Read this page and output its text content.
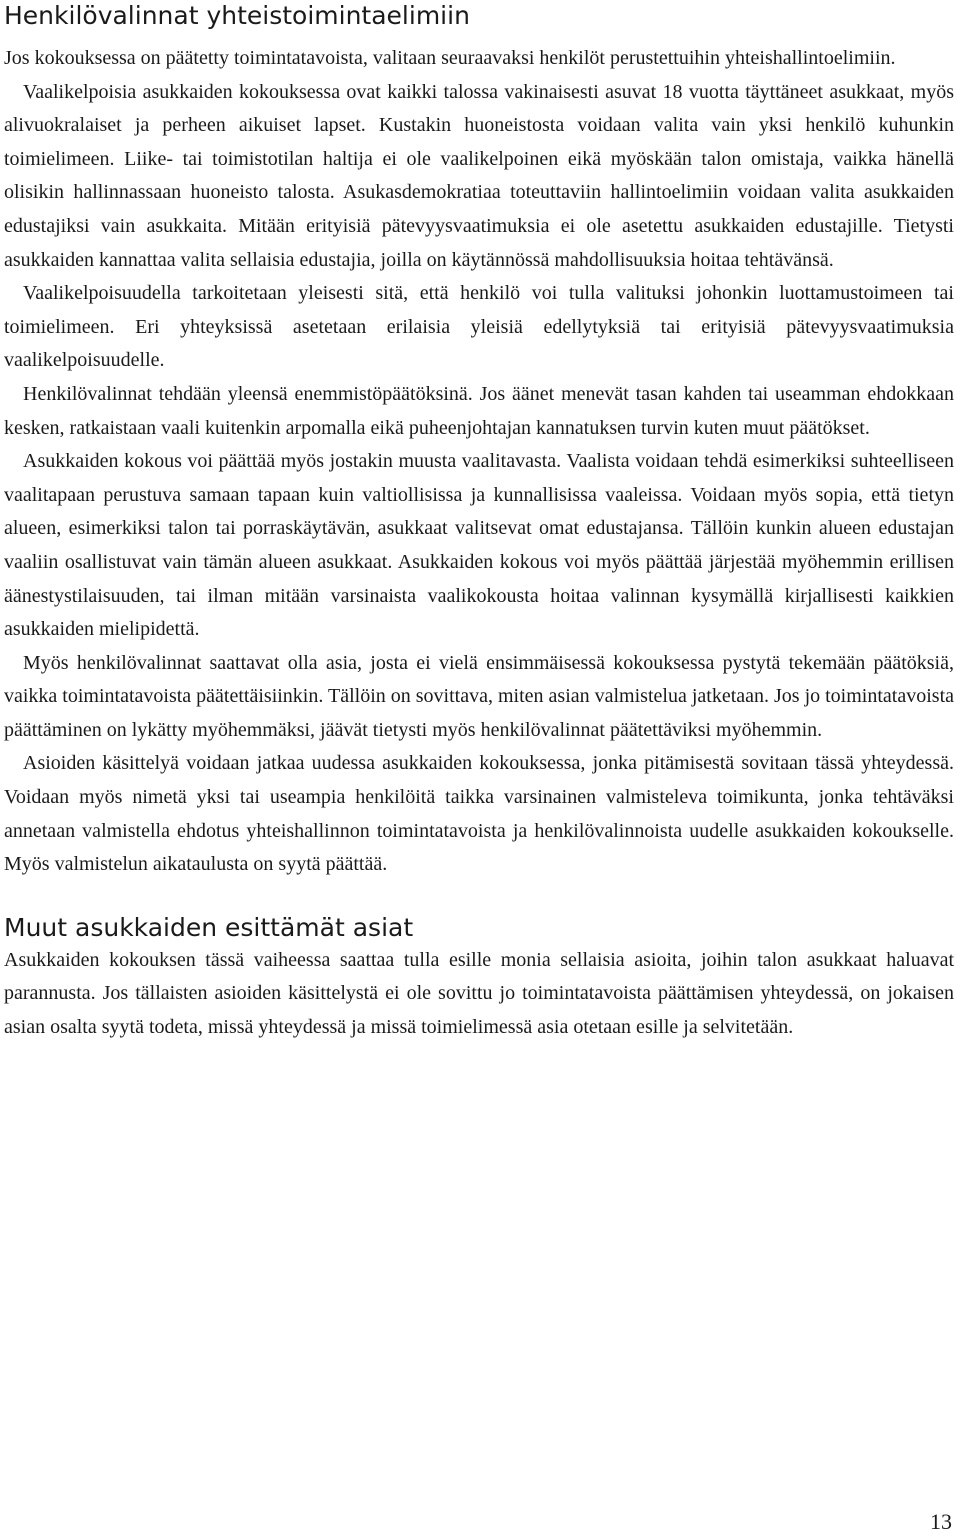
Henkilövalinnat yhteistoimintaelimiin

Jos kokouksessa on päätetty toimintatavoista, valitaan seuraavaksi henkilöt perustettuihin yhteishallintoelimiin.

Vaalikelpoisia asukkaiden kokouksessa ovat kaikki talossa vakinaisesti asuvat 18 vuotta täyttäneet asukkaat, myös alivuokralaiset ja perheen aikuiset lapset. Kustakin huoneistosta voidaan valita vain yksi henkilö kuhunkin toimielimeen. Liike- tai toimistotilan haltija ei ole vaalikelpoinen eikä myöskään talon omistaja, vaikka hänellä olisikin hallinnassaan huoneisto talosta. Asukasdemokratiaa toteuttaviin hallintoelimiin voidaan valita asukkaiden edustajiksi vain asukkaita. Mitään erityisiä pätevyysvaatimuksia ei ole asetettu asukkaiden edustajille. Tietysti asukkaiden kannattaa valita sellaisia edustajia, joilla on käytännössä mahdollisuuksia hoitaa tehtävänsä.

Vaalikelpoisuudella tarkoitetaan yleisesti sitä, että henkilö voi tulla valituksi johonkin luottamustoimeen tai toimielimeen. Eri yhteyksissä asetetaan erilaisia yleisiä edellytyksiä tai erityisiä pätevyysvaatimuksia vaalikelpoisuudelle.

Henkilövalinnat tehdään yleensä enemmistöpäätöksinä. Jos äänet menevät tasan kahden tai useamman ehdokkaan kesken, ratkaistaan vaali kuitenkin arpomalla eikä puheenjohtajan kannatuksen turvin kuten muut päätökset.

Asukkaiden kokous voi päättää myös jostakin muusta vaalitavasta. Vaalista voidaan tehdä esimerkiksi suhteelliseen vaalitapaan perustuva samaan tapaan kuin valtiollisissa ja kunnallisissa vaaleissa. Voidaan myös sopia, että tietyn alueen, esimerkiksi talon tai porraskäytävän, asukkaat valitsevat omat edustajansa. Tällöin kunkin alueen edustajan vaaliin osallistuvat vain tämän alueen asukkaat. Asukkaiden kokous voi myös päättää järjestää myöhemmin erillisen äänestystilaisuuden, tai ilman mitään varsinaista vaalikokousta hoitaa valinnan kysymällä kirjallisesti kaikkien asukkaiden mielipidettä.

Myös henkilövalinnat saattavat olla asia, josta ei vielä ensimmäisessä kokouksessa pystytä tekemään päätöksiä, vaikka toimintatavoista päätettäisiinkin. Tällöin on sovittava, miten asian valmistelua jatketaan. Jos jo toimintatavoista päättäminen on lykätty myöhemmäksi, jäävät tietysti myös henkilövalinnat päätettäviksi myöhemmin.

Asioiden käsittelyä voidaan jatkaa uudessa asukkaiden kokouksessa, jonka pitämisestä sovitaan tässä yhteydessä. Voidaan myös nimetä yksi tai useampia henkilöitä taikka varsinainen valmisteleva toimikunta, jonka tehtäväksi annetaan valmistella ehdotus yhteishallinnon toimintatavoista ja henkilövalinnoista uudelle asukkaiden kokoukselle. Myös valmistelun aikataulusta on syytä päättää.

Muut asukkaiden esittämät asiat

Asukkaiden kokouksen tässä vaiheessa saattaa tulla esille monia sellaisia asioita, joihin talon asukkaat haluavat parannusta. Jos tällaisten asioiden käsittelystä ei ole sovittu jo toimintatavoista päättämisen yhteydessä, on jokaisen asian osalta syytä todeta, missä yhteydessä ja missä toimielimessä asia otetaan esille ja selvitetään.

13
